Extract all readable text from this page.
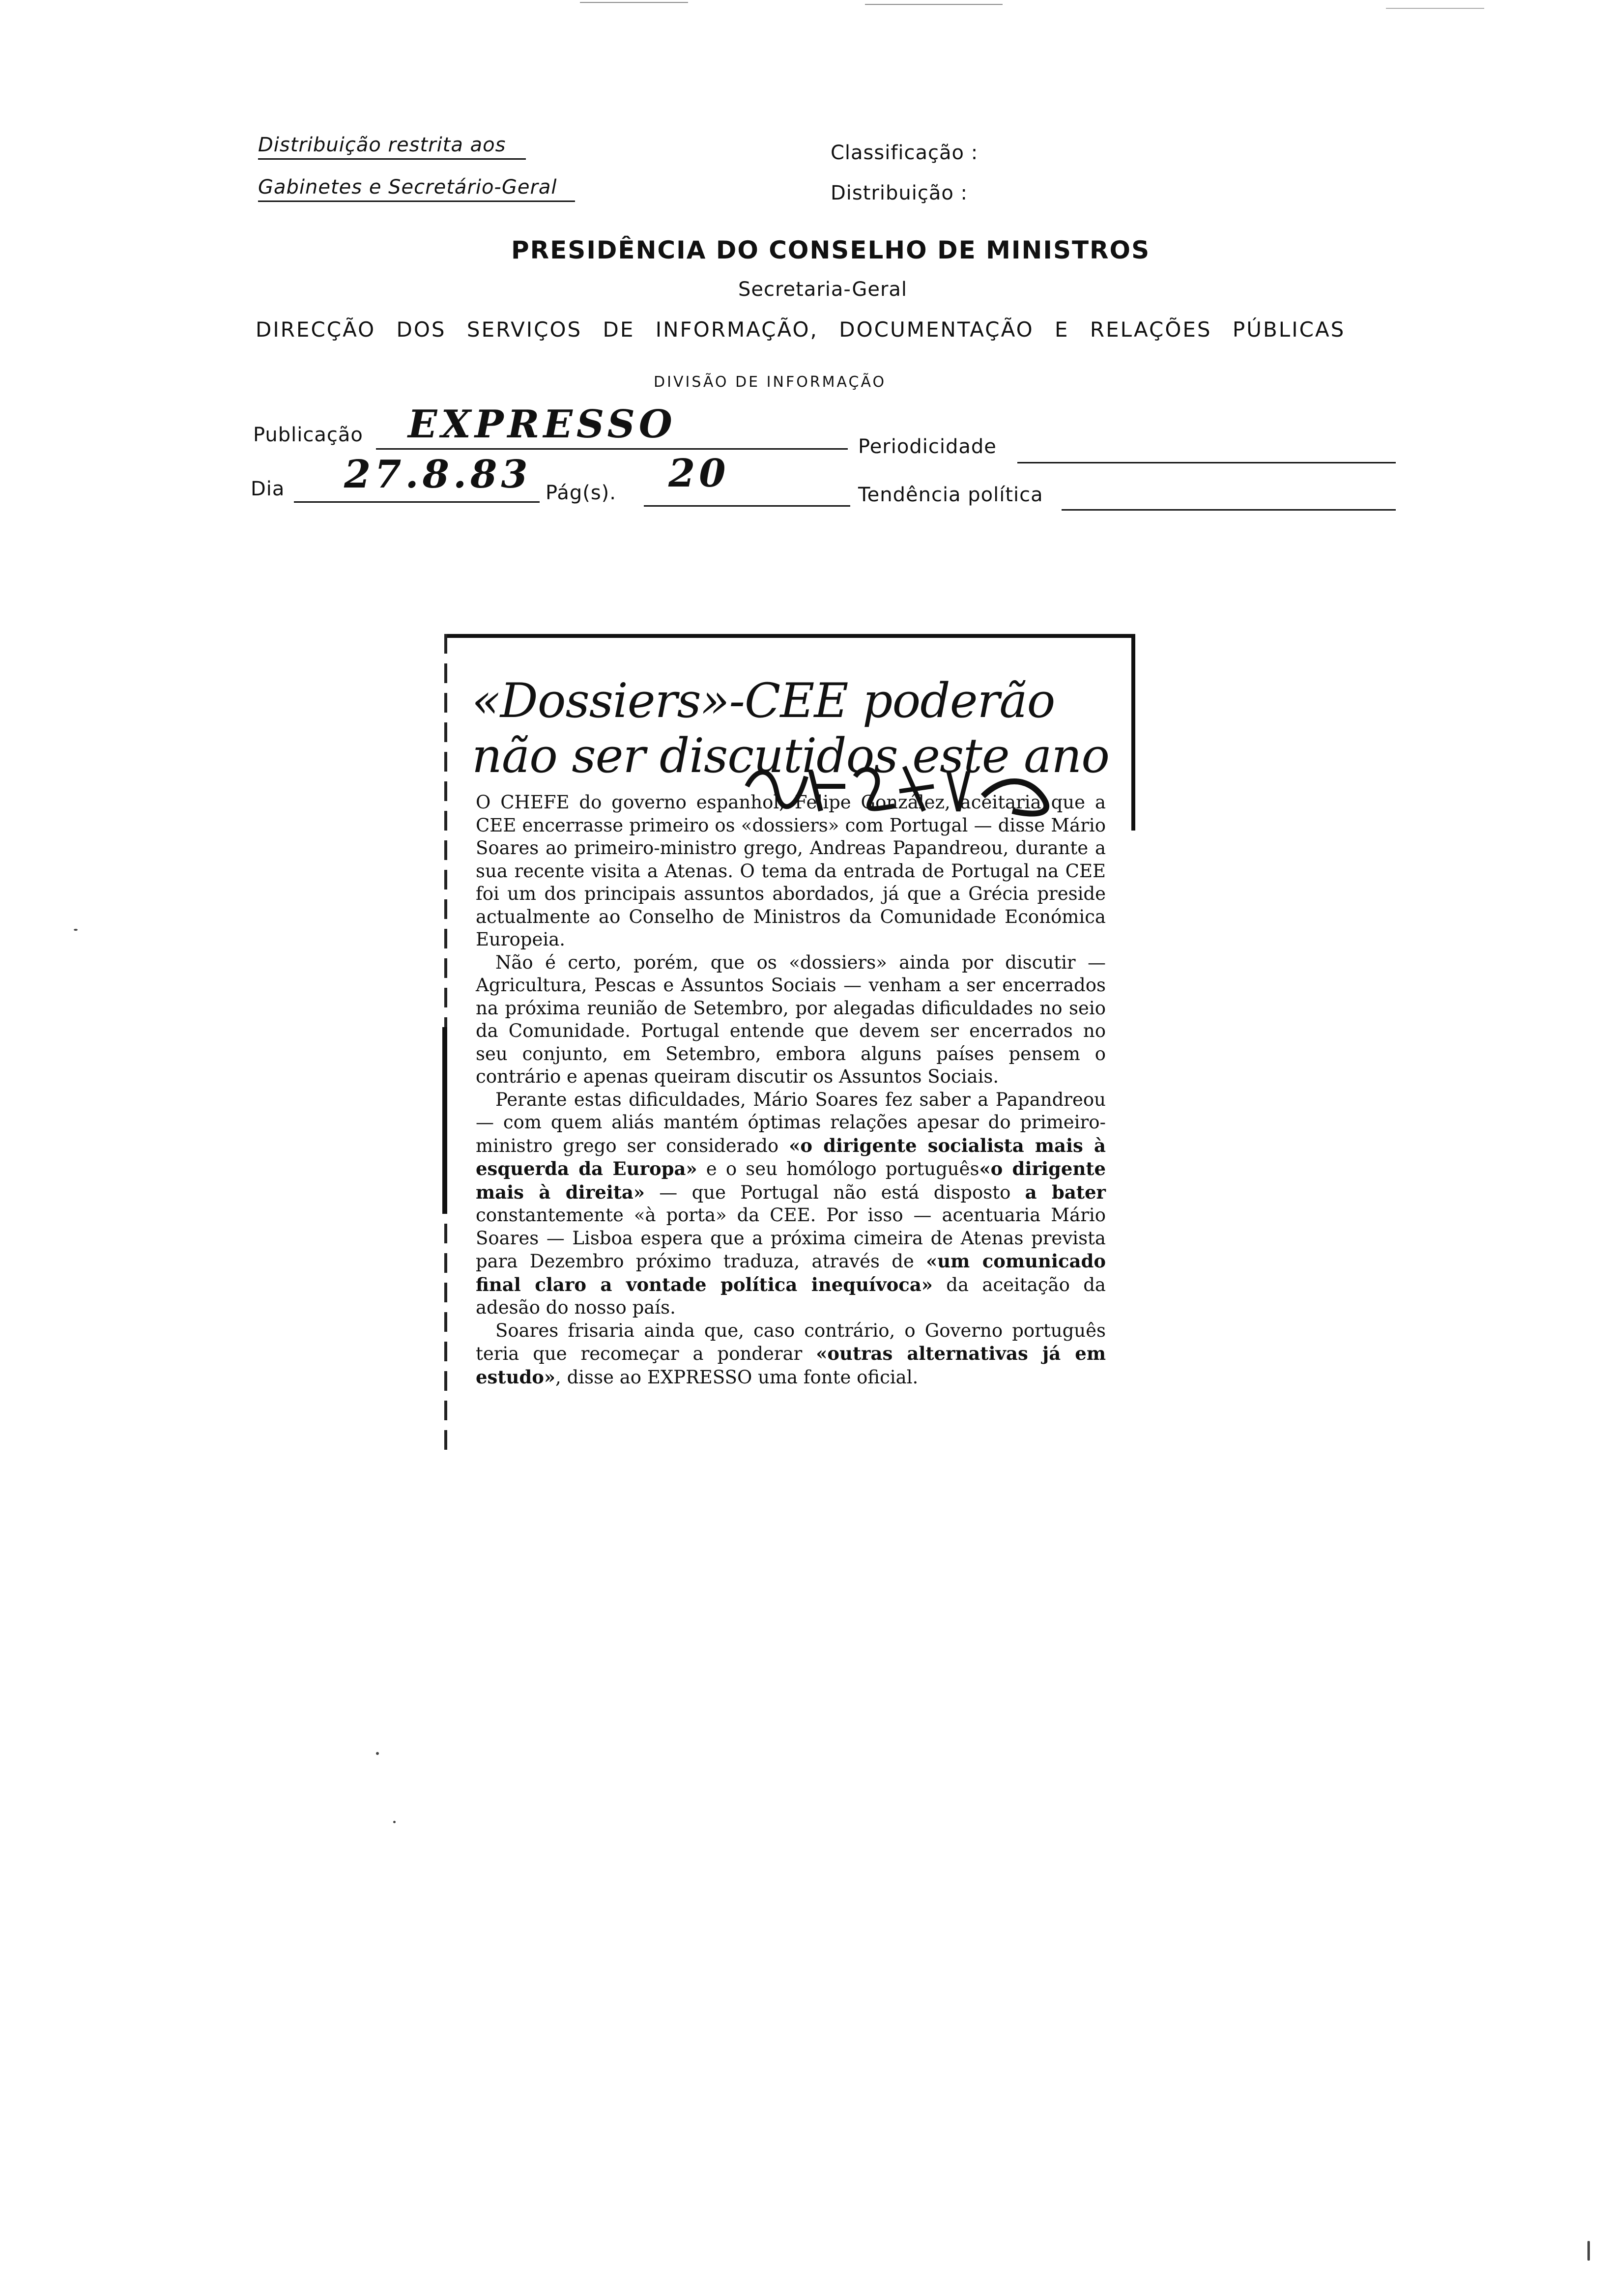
Distribuição restrita aos
Gabinetes e Secretário-Geral
Classificação :
Distribuição :
PRESIDÊNCIA DO CONSELHO DE MINISTROS
Secretaria-Geral
DIRECÇÃO DOS SERVIÇOS DE INFORMAÇÃO, DOCUMENTAÇÃO E RELAÇÕES PÚBLICAS
DIVISÃO DE INFORMAÇÃO
Publicação EXPRESSO	Periodicidade
Dia 27.8.83 Pág(s). 20	Tendência política
«Dossiers»-CEE poderão
não ser discutidos este ano

O CHEFE do governo espanhol, Felipe González, aceitaria que a CEE encerrasse primeiro os «dossiers» com Portugal — disse Mário Soares ao primeiro-ministro grego, Andreas Papandreou, durante a sua recente visita a Atenas. O tema da entrada de Portugal na CEE foi um dos principais assuntos abordados, já que a Grécia preside actualmente ao Conselho de Ministros da Comunidade Económica Europeia.

Não é certo, porém, que os «dossiers» ainda por discutir — Agricultura, Pescas e Assuntos Sociais — venham a ser encerrados na próxima reunião de Setembro, por alegadas dificuldades no seio da Comunidade. Portugal entende que devem ser encerrados no seu conjunto, em Setembro, embora alguns países pensem o contrário e apenas queiram discutir os Assuntos Sociais.

Perante estas dificuldades, Mário Soares fez saber a Papandreou — com quem aliás mantém óptimas relações apesar do primeiro-ministro grego ser considerado «o dirigente socialista mais à esquerda da Europa» e o seu homólogo português«o dirigente mais à direita» — que Portugal não está disposto a bater constantemente «à porta» da CEE. Por isso — acentuaria Mário Soares — Lisboa espera que a próxima cimeira de Atenas prevista para Dezembro próximo traduza, através de «um comunicado final claro a vontade política inequívoca» da aceitação da adesão do nosso país.

Soares frisaria ainda que, caso contrário, o Governo português teria que recomeçar a ponderar «outras alternativas já em estudo», disse ao EXPRESSO uma fonte oficial.
